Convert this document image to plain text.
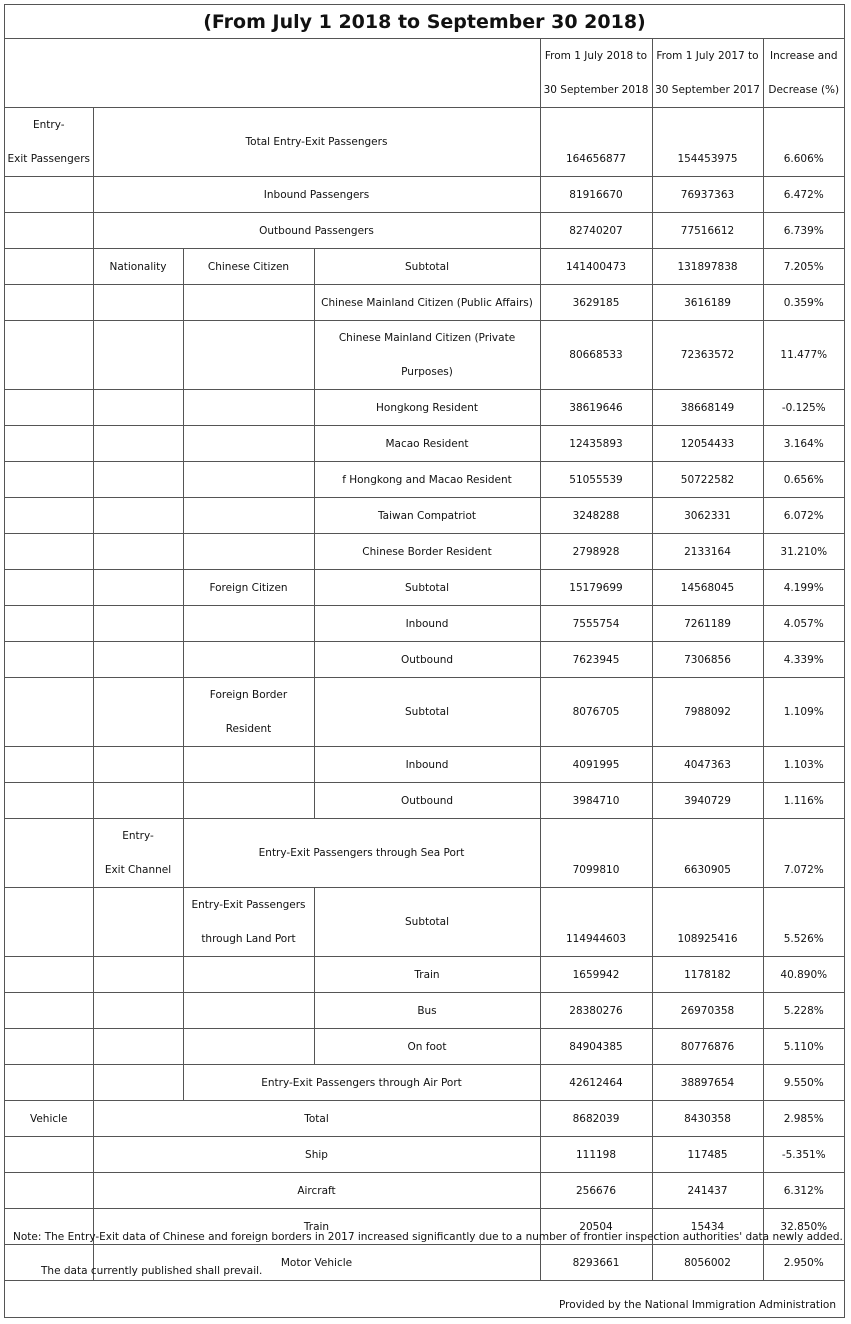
(From July 1 2018 to September 30 2018)
				From 1 July 2018 to
30 September 2018	From 1 July 2017 to
30 September 2017	Increase and
Decrease (%)
Entry-
Exit Passengers	Total Entry-Exit Passengers			164656877	154453975	6.606%
	Inbound Passengers			81916670	76937363	6.472%
	Outbound Passengers			82740207	77516612	6.739%
	Nationality	Chinese Citizen	Subtotal	141400473	131897838	7.205%
			Chinese Mainland Citizen (Public Affairs)	3629185	3616189	0.359%
			Chinese Mainland Citizen (Private Purposes)	80668533	72363572	11.477%
			Hongkong Resident	38619646	38668149	-0.125%
			Macao Resident	12435893	12054433	3.164%
			f Hongkong and Macao Resident	51055539	50722582	0.656%
			Taiwan Compatriot	3248288	3062331	6.072%
			Chinese Border Resident	2798928	2133164	31.210%
		Foreign Citizen	Subtotal	15179699	14568045	4.199%
			Inbound	7555754	7261189	4.057%
			Outbound	7623945	7306856	4.339%
		Foreign Border Resident	Subtotal	8076705	7988092	1.109%
			Inbound	4091995	4047363	1.103%
			Outbound	3984710	3940729	1.116%
	Entry-
Exit Channel	Entry-Exit Passengers through Sea Port		7099810	6630905	7.072%
		Entry-Exit Passengers
through Land Port	Subtotal	114944603	108925416	5.526%
			Train	1659942	1178182	40.890%
			Bus	28380276	26970358	5.228%
			On foot	84904385	80776876	5.110%
		Entry-Exit Passengers through Air Port		42612464	38897654	9.550%
Vehicle	Total			8682039	8430358	2.985%
	Ship			111198	117485	-5.351%
	Aircraft			256676	241437	6.312%
	Train			20504	15434	32.850%
	Motor Vehicle			8293661	8056002	2.950%
Note: The Entry-Exit data of Chinese and foreign borders in 2017 increased significantly due to a number of frontier inspection authorities' data newly added.
The data currently published shall prevail.
Provided by the National Immigration Administration
